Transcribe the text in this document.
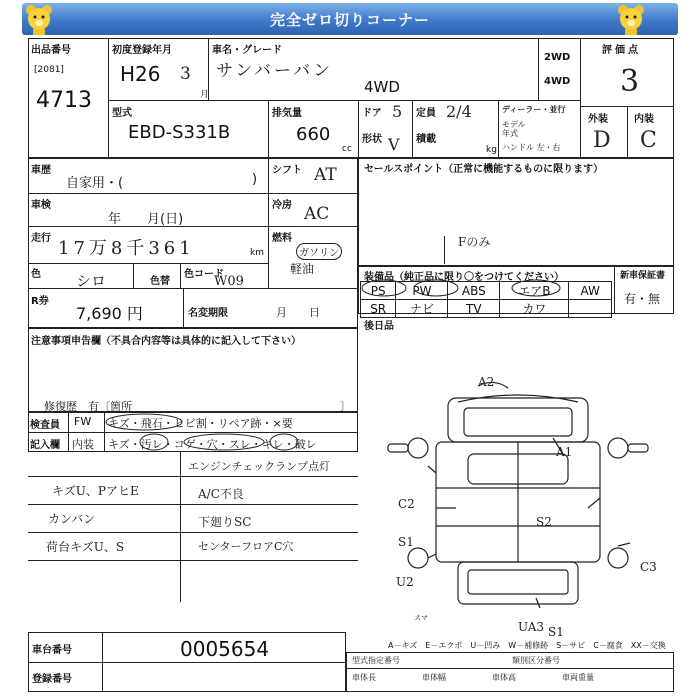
完全ゼロ切りコーナー
出品番号
[2081]
4713
初度登録年月
H26 3
月
車名・グレード
サンバーバン
4WD
2WD
4WD
評価点
3
型式
EBD-S331B
排気量
660
cc
ドア 5
形状 V
定員 2/4
積載
kg
ディーラー・並行
モデル年式
ハンドル 左・右
外装	内装
D C
車歴
自家用・(	)
車検
年　　月(日)
走行 17万8千361	km
色 シロ	色替
色コード
W09
R券
7,690 円	名変期限	月　　日
シフト AT
冷房 AC
燃料
ガソリン
軽油
セールスポイント（正常に機能するものに限ります）
Fのみ
装備品（純正品に限り〇をつけてください）	新車保証書
有・無
PS	PW	ABS	エアB	AW
SR	ナビ	TV	カワ	
後日品
注意事項申告欄（不具合内容等は具体的に記入して下さい）
修復歴　有〔箇所	〕
検査員
記入欄
FW キズ・飛石・ヒビ割・リペア跡・×要
内装 キズ・汚レ・コゲ・穴・スレ・キレ・破レ
キズU、PアヒE
カンバン
荷台キズU、S
エンジンチェックランプ点灯
A/C不良
下廻りSC
センターフロアC穴
A2
A1
C2
S2
S1
C3
U2
S1
スマ
UA3
A－キズ　E－エクボ　U－凹み　W－補修跡　S－サビ　C－腐食　XX－交換
車台番号	0005654
登録番号
型式指定番号	類別区分番号
車体長	車体幅	車体高	車両重量
